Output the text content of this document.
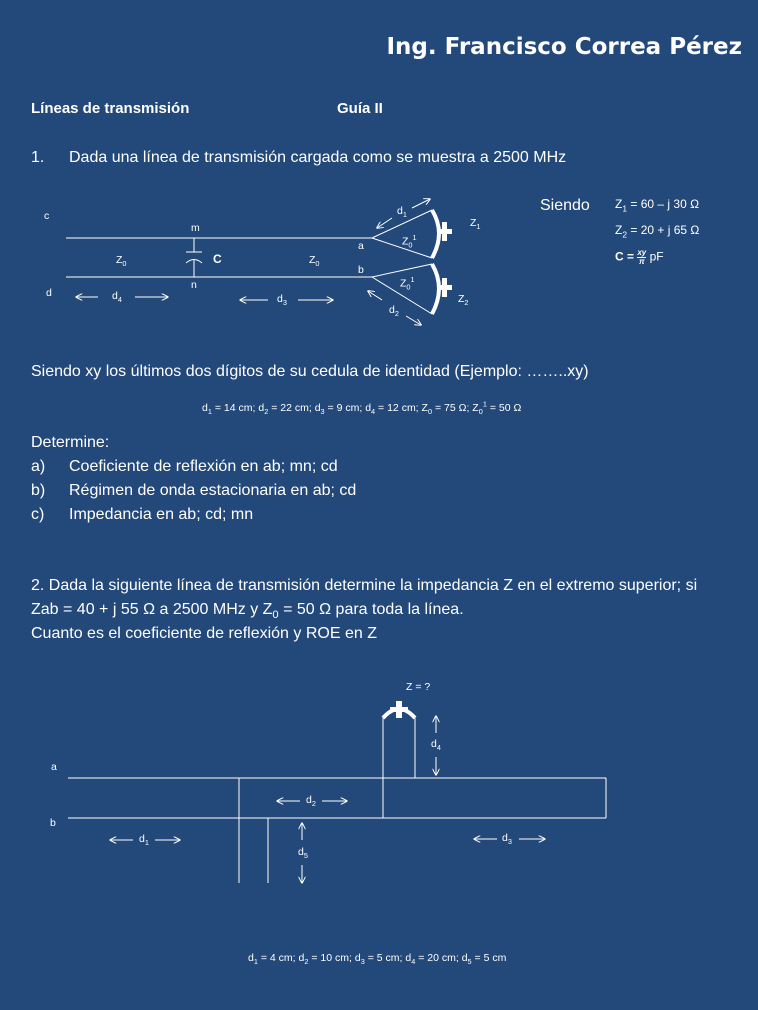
Ing. Francisco Correa Pérez
Líneas de transmisión	Guía II
1. Dada una línea de transmisión cargada como se muestra a 2500 MHz
Siendo $Z_1 = 60 - j$ 30 Ω
$Z_2 = 20 + j$ 65 Ω
$C = \frac{xy}{\pi}$ pF
c
d
m
n
C
a
b
$Z_0$	$Z_0$
$Z_0^1$
$Z_0^1$
$d_1$
$d_2$
$d_3$
$d_4$
$Z_1$
$Z_2$
Siendo xy los últimos dos dígitos de su cedula de identidad (Ejemplo: ……..xy)
$d_1 = 14$ cm; $d_2 = 22$ cm; $d_3 = 9$ cm; $d_4 = 12$ cm; $Z_0 = 75$ Ω; $Z_0^1 = 50$ Ω
Determine:
a) Coeficiente de reflexión en ab; mn; cd
b) Régimen de onda estacionaria en ab; cd
c) Impedancia en ab; cd; mn
2. Dada la siguiente línea de transmisión determine la impedancia Z en el extremo superior; si
Zab = 40 + j 55 Ω a 2500 MHz y $Z_0 = 50$ Ω para toda la línea.
Cuanto es el coeficiente de reflexión y ROE en Z
Z = ?
a
b
$d_1$
$d_2$
$d_3$
$d_4$
$d_5$
$d_1 = 4$ cm; $d_2 = 10$ cm; $d_3 = 5$ cm; $d_4 = 20$ cm; $d_5 = 5$ cm
